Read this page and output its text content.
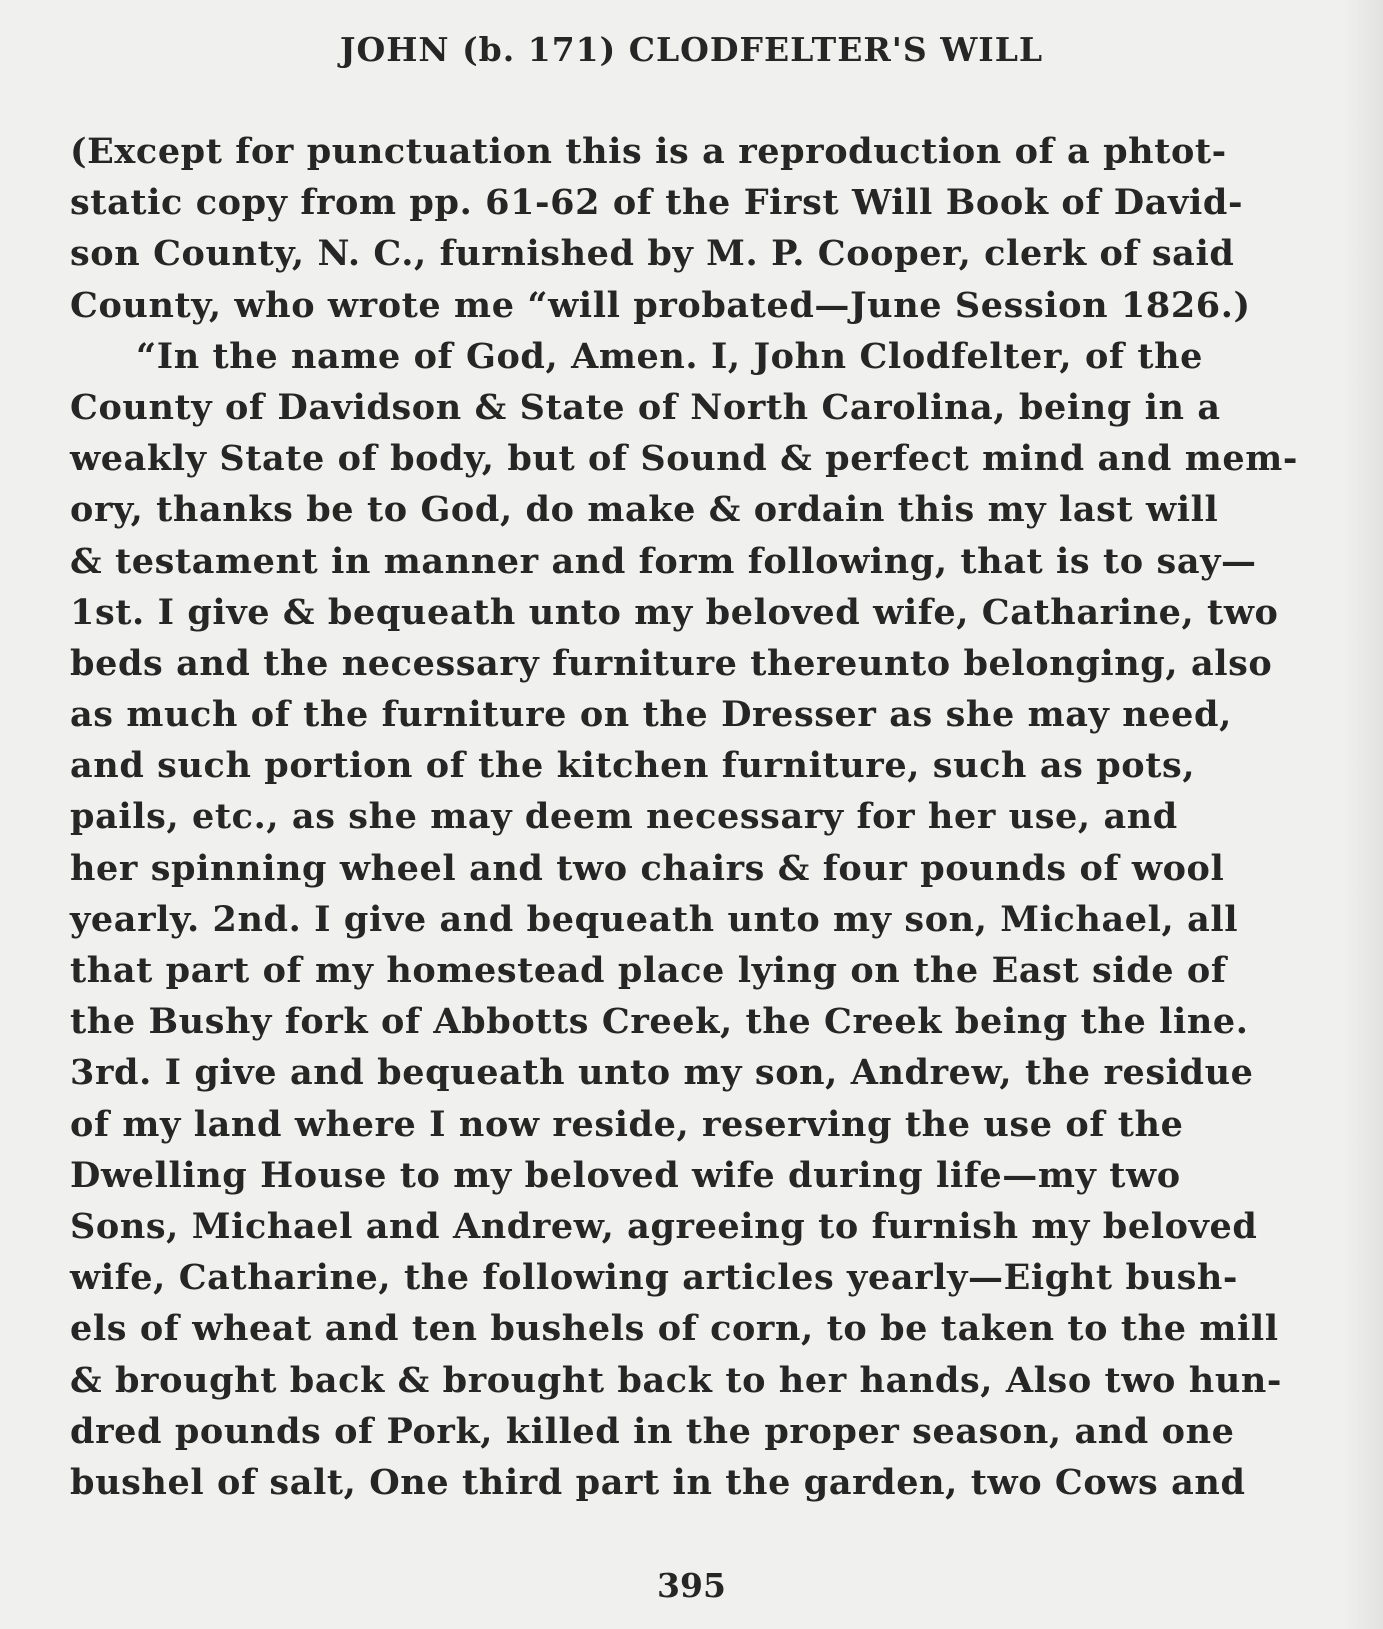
JOHN (b. 171) CLODFELTER'S WILL
(Except for punctuation this is a reproduction of a phtot-
static copy from pp. 61-62 of the First Will Book of David-
son County, N. C., furnished by M. P. Cooper, clerk of said
County, who wrote me “will probated—June Session 1826.)
“In the name of God, Amen. I, John Clodfelter, of the
County of Davidson & State of North Carolina, being in a
weakly State of body, but of Sound & perfect mind and mem-
ory, thanks be to God, do make & ordain this my last will
& testament in manner and form following, that is to say—
1st. I give & bequeath unto my beloved wife, Catharine, two
beds and the necessary furniture thereunto belonging, also
as much of the furniture on the Dresser as she may need,
and such portion of the kitchen furniture, such as pots,
pails, etc., as she may deem necessary for her use, and
her spinning wheel and two chairs & four pounds of wool
yearly. 2nd. I give and bequeath unto my son, Michael, all
that part of my homestead place lying on the East side of
the Bushy fork of Abbotts Creek, the Creek being the line.
3rd. I give and bequeath unto my son, Andrew, the residue
of my land where I now reside, reserving the use of the
Dwelling House to my beloved wife during life—my two
Sons, Michael and Andrew, agreeing to furnish my beloved
wife, Catharine, the following articles yearly—Eight bush-
els of wheat and ten bushels of corn, to be taken to the mill
& brought back & brought back to her hands, Also two hun-
dred pounds of Pork, killed in the proper season, and one
bushel of salt, One third part in the garden, two Cows and
395
